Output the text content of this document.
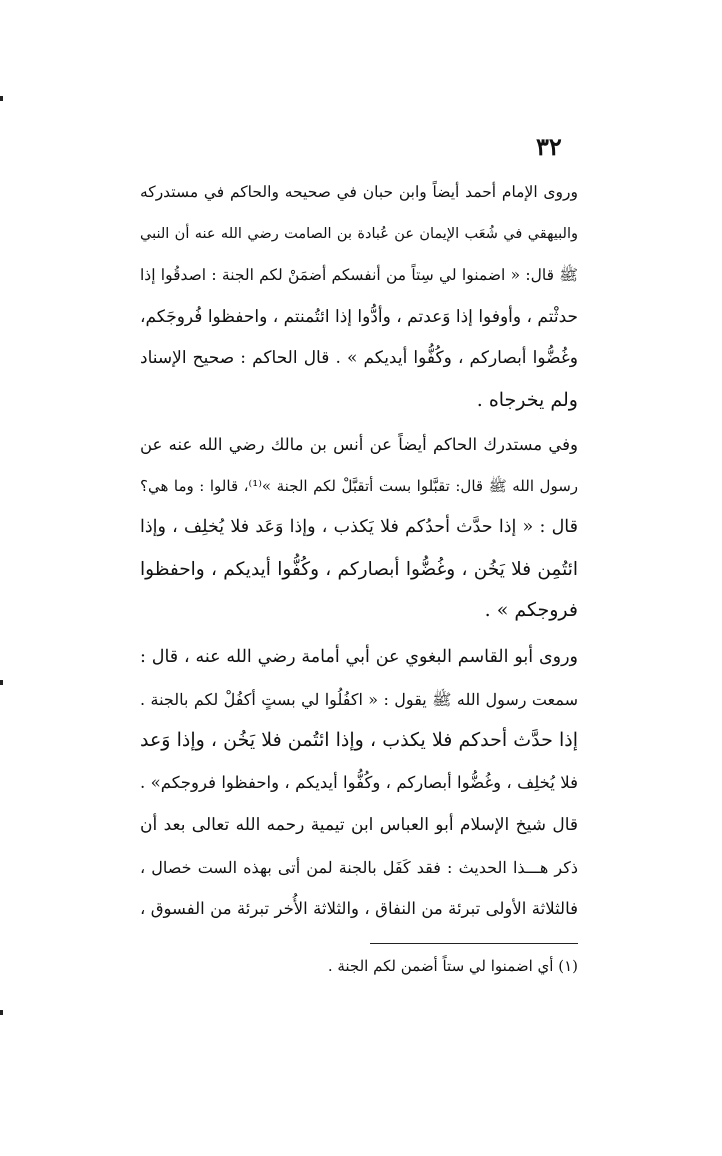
٣٢

وروى الإمام أحمد أيضاً وابن حبان في صحيحه والحاكم في مستدركه
والبيهقي في شُعَب الإيمان عن عُبادة بن الصامت رضي الله عنه أن النبي
ﷺ قال: « اضمنوا لي سِتاً من أنفسكم أضمَنْ لكم الجنة : اصدقُوا إذا
حدثْتم ، وأوفوا إذا وَعدتم ، وأدُّوا إذا ائتُمنتم ، واحفظوا فُروجَكم،
وغُضُّوا أبصاركم ، وكُفُّوا أيديكم » . قال الحاكم : صحيح الإسناد
ولم يخرجاه .

وفي مستدرك الحاكم أيضاً عن أنس بن مالك رضي الله عنه عن
رسول الله ﷺ قال: تقبَّلوا بست أتقبَّلْ لكم الجنة »⁽¹⁾، قالوا : وما هي؟
قال : « إذا حدَّث أحدُكم فلا يَكذب ، وإذا وَعَد فلا يُخلِف ، وإذا
ائتُمِن فلا يَخُن ، وغُضُّوا أبصاركم ، وكُفُّوا أيديكم ، واحفظوا
فروجكم » .

وروى أبو القاسم البغوي عن أبي أمامة رضي الله عنه ، قال :
سمعت رسول الله ﷺ يقول : « اكفُلُوا لي بستٍ أكفُلْ لكم بالجنة .
إذا حدَّث أحدكم فلا يكذب ، وإذا ائتُمن فلا يَخُن ، وإذا وَعد
فلا يُخلِف ، وغُضُّوا أبصاركم ، وكُفُّوا أيديكم ، واحفظوا فروجكم» .

قال شيخ الإسلام أبو العباس ابن تيمية رحمه الله تعالى بعد أن
ذكر هـــذا الحديث : فقد كَفَل بالجنة لمن أتى بهذه الست خصال ،
فالثلاثة الأولى تبرئة من النفاق ، والثلاثة الأُخر تبرئة من الفسوق ،

(١) أي اضمنوا لي ستاً أضمن لكم الجنة .
